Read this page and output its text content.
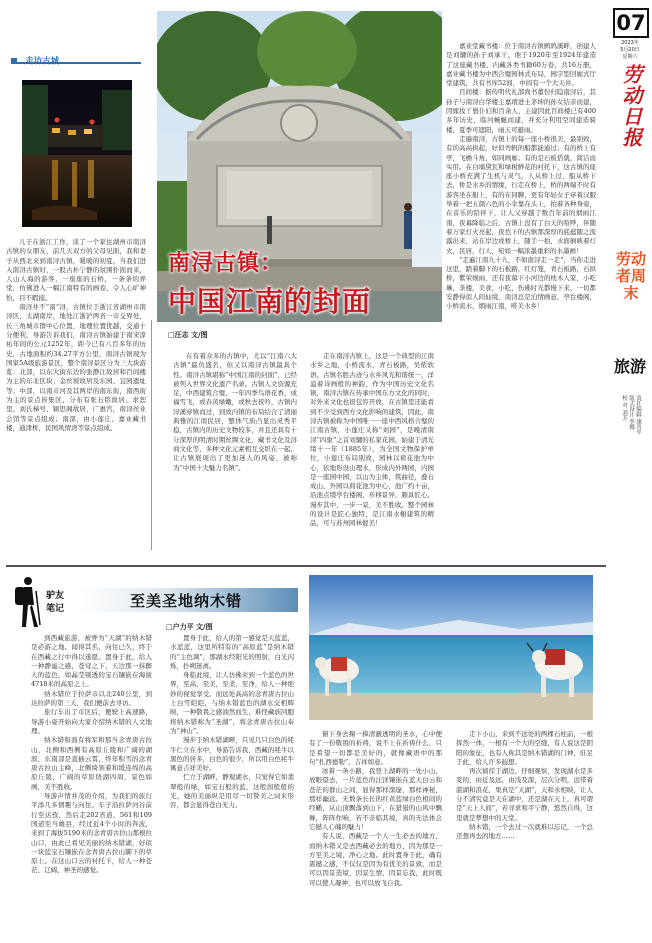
07
2023年
5月20日
星期六
劳动日报
劳动者周末
旅游
责任编辑 康晋平
版式设计 李娜
校 对 刘芳
走访古城
南浔古镇：
中国江南的封面
□汪志 文/图

儿子在浙江工作，谈了一个家住湖州市南浔古镇的女朋友，前几天双方的父母见面，我和妻子从西北来到南浔古镇，暖暖的初夏，当我们进入南浔古镇时，一股古朴宁静的氛围扑面而来，人山人海的游客，一座座的石桥，一条条的弄堂，仿佛进入一幅江南特有的画卷，令人心旷神怡，目不暇接。

南浔并不“南”浔，古镇位于浙江省湖州市南浔区，太湖南岸，地处江浙沪两省一市交界处，长三角城市群中心位置，地理位置优越，交通十分便利，导游告诉我们，南浔古镇始建于南宋淳祐年间的公元1252年，距今已有八百多年的历史，古地面积约34.27平方公里，南浔古镇现为国家5A级旅游景区，整个南浔景区分为三大块游览：北部，以东大街东边的张静江故居和百间楼为主的东北区块；金丝坡故居及东园、宜园遗址等；中部，以南市河及其两岸的南东街，南西街为主的景点皆集区，分布有张石铭故居、求恕里、刘氏梯号、颖思阁故居，广惠宫，南浔丝业会馆等景点组成；南部，由小莲庄、嘉业藏书楼，通津桥，民国风情湾等景点组成。

在有着众多的古镇中，尤以“江南六大古镇”最负盛名，但又以南浔古镇最具个性。南浔古镇堪称“中国江南的封面”，已经被列入世界文化遗产名录。古镇人文资源充足，中西建筑合璧，一年四季鸟语花香，成福雪飞，或春黄绿嫩，或秋去夜吟，古镇内浔溪穿镇而过，到致内镇的布局结合了清丽典雅的江南民居，整体气质凸显出灵秀平稳，古镇内的历史文物较多，并且还具有十分深厚的明清时期丝绸文化、藏书文化及浔商文化等，多种文化元素相互交织在一起，让古镇展现出了更加迷人的风姿，被称为“中国十大魅力名镇”。

走在南浔古镇上，这是一个典型的江南水乡之地，小桥流水，青石板路，吴侬软语，古镇名胜古迹与水乡风光和谐统一，洋溢着诗画般的神韵，作为中国历史文化名镇，南浔古镇在传承中国东方文化的同时，对外来文化也很包容开放，在古镇里还能看到不少受到西方文化影响的建筑，因此，南浔古镇被称为中国唯一一座中西风格合璧的江南古镇，小莲庄又称“刘园”，是晚清南浔“四象”之首刘镛的私家花园，始建于清光绪十一年（1885年），为全国文物保护单位，小莲庄布局别致，园林以荷花池为中心，依地形设山理水，形成内外两园，内园是一座园中园，以山为主体，筑曲径，叠石成山，外园以荷花池为中心，池广约十亩，沿池点缀亭台楼阁，步移景异，颇具匠心，漫步其中，一步一景，美不胜收。整个园林的设计是匠心独特，是江南水榭建筑的精品，可与苏州园林媲美！

嘉业堂藏书楼：位于南浔古镇鹧鸪溪畔，创建人是刘镛的孙子刘承干，他于1920年至1924年建造了这座藏书楼，内藏各类书籍60万卷，共16万册，嘉业藏书楼为中西合璧园林式布局，园字型回廊式厅堂建筑，共有书库52间，中间有一个大天井。

百间楼：据传明代礼部尚书董份归隐南浔后，其孙子与南浔白华楼主嘉靖进士茅坤的孙女结亲而建，因嫁妆丫鬟仆妇和百余人，主建因此百间楼已有400多年历史，临河蜿蜒而建，并充分利用空间建造骑楼，夏季可遮阳，雨天可避雨。

走遍南浔，古镇上的每一座小桥很美，最别致，有的高高拱起，好似弯帆的船都能通过；有的桥上有亭，飞檐斗角，如同画廊；有的是石板搭就，简洁而实用。在白墙黛瓦和绿树鲜花的衬托下，这古镇的座座小桥充满了生机与灵气，人从桥上过，船从桥下去，桥是水乡的情缘，行走在桥上，桥的两端不时有游客坐在船上，有的在同聊，更有年轻女子穿着汉服举着一把五颜六色的小伞靠在头上，拍着各种身姿，在音乐的陪伴下，让人又穿越了数百年前的烟雨江南，夜幕降临之后，古镇上没有了白天的喧哗，伴随着万家灯火亮起，夜色下的古镇那深厚的底蕴随之流露出来，站在岸边或桥上，随手一拍，水面倒映着灯火，民居，行人，宛如一幅浓墨重彩的水墨画！

“走遍江南九十九，不如南浔走一走”，当你走进这里，踏着脚下的石板路，红灯笼，青石板路，石拱桥，紫荣细雨，还有夜幕下小河边的枕木人家，小吃琳，茶楼，美食，小吃，伤佛时光都慢下来，一切都安静得似人间仙境，南浔总是泊情画意，亭台楼阁，小桥流水，烟雨江南，唯美水乡！

驴友
笔记	至美圣地纳木错
□户力平 文/图

到西藏旅游，被誉为“天湖”的纳木错是必游之地。闻得其名，向往已久，终于在西藏之行中得以遂愿。置身于此，给人一种静谧之感，苍穹之下，天边那一抹醉人的蓝色，如晶莹剔透的宝石镶嵌在海拔4718米的高原之上。

纳木错位于拉萨市以北240公里，到达拉萨的第三天，我们便前去寻访。

旅行车出了市区后，便驶上高速路，导游小姿开始向大家介绍纳木错的人文地理。

纳木错和面有将军和那当念青唐古拉山，北侧和西侧有高原丘陵和广阔的湖滨，东南部是直插云霄，终年积雪的念青唐古拉山主峰，北侧绮领着和缓连绵的高原丘陵，广阔的草原绕湖四周，景色如画，美不胜收。

导游声情并茂的介绍，为我们的旅行平添几多情趣与向往。车子沿拉萨河谷前行至达孜，然后走202省道，561和109国道至当雄县，经过近4个小时的奔波，来到了海拔5190米的念青唐古拉山那根拉山口，由此已看见美丽的纳木错湖，好似一块蓝宝石镶嵌在念青唐古拉山脚下的草原上。在这山口云的衬托下，给人一种苍茫、辽阔、神圣的感觉。

置身于此，给人的第一感觉是天蓝蓝，水蓝蓝，这里所特有的“高原蓝”是纳木错的“主色调”，那湖水经阳光的照射，白光闪烁，扑朔迷离。

身临此境，让人仿佛来到一个蓝色的世界，至高，至美，至柔，至净，给人一种绝妙的视觉享受。而远处高高的念青唐古拉山上白雪皑皑，与纳木错蓝色的湖水交相辉映，一种敬畏之感油然而生，难怪藏族同胞将纳木错称为“圣湖”，将念青唐古拉山奉为“神山”。

漫步于纳木错湖畔，只见几只白色的牦牛仁立在水中，导游告诉我，西藏的牦牛以黑色的居多，白色的很少，所以用白色牦牛寓意吉祥美好。

伫立于湖畔，静观湖水，只觉得它如翡翠般的绿，如宝石般的蓝，这般润般般的光，她的美丽纵是用尽一切赞美之词来形容，都会显得苍白无力。

俯下身去掬一捧清澈透明的圣水，心中便有了一份敬畏的祈祷，说不上在祈祷什么，只是希望一切都是美好的，就像藏语中的那句“扎西德勒”，吉祥如意。

冰着一条小路，我登上湖畔的一处小山，放眼望去，一片蓝色的汪洋镶嵌在蓝天白云和苍茫的群山之间，显得那样深邃，那样神秘，那样幽远。无数条长长的红黄蓝绿白色相间的经幡，从山顶飘落到山下，在猎猎的山风中飘舞，阵阵作响，若不亲临其境，真的无法体会它撼人心魄的魅力！

有人说，西藏是一个人一生必去的地方，而纳木错又是去西藏必去的地方，因为那是一方至美之境，净心之地。此时置身于此，确有震撼之感，不仅仅是因为有优美的景致，而是可以因景造境，因景生情，因景忘我，此时既可以使人凝神，也可以放飞自我。

走下小山，来到不远处的两棵石柱前，一根挥然一体，一根有一个大的空缝，有人说这是阴阳的象征，也有人称其是纳木错湖的门神，驻足于此，给人许多遐想。

再次徜徉于湖边，仔细观察，发现湖水是多变的，由近及远，由浅及深，层次分明，远带着湛湖和浪花，果真是“天湖”，天和水相映，让人分不清究竟是天在湖中，还是湖在天上，真可谓是“天上人间”，若寻求和平宁静，悠然自得，这里就是梦想中的天堂。

纳木错，一个去过一次就难以忘记，一个总还想再去的地方……
